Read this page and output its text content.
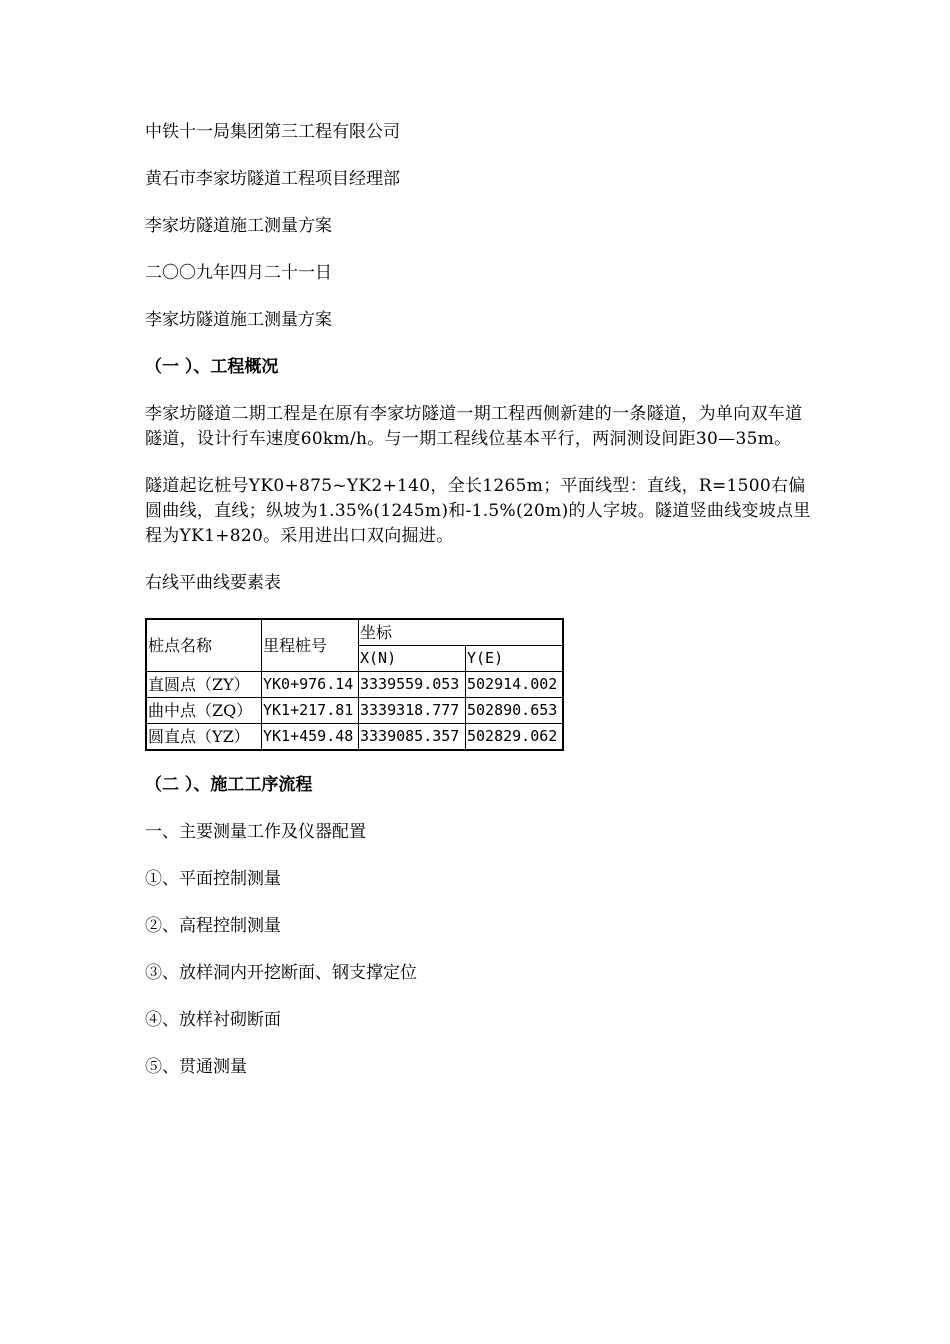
中铁十一局集团第三工程有限公司

黄石市李家坊隧道工程项目经理部

李家坊隧道施工测量方案

二〇〇九年四月二十一日

李家坊隧道施工测量方案

（一 ）、工程概况

李家坊隧道二期工程是在原有李家坊隧道一期工程西侧新建的一条隧道，为单向双车道隧道，设计行车速度60km/h。与一期工程线位基本平行，两洞测设间距30—35m。

隧道起讫桩号YK0+875~YK2+140，全长1265m；平面线型：直线，R=1500右偏圆曲线，直线；纵坡为1.35%(1245m)和-1.5%(20m)的人字坡。隧道竖曲线变坡点里程为YK1+820。采用进出口双向掘进。

右线平曲线要素表

桩点名称	里程桩号	坐标	
		X(N)	Y(E)
直圆点（ZY）	YK0+976.14	3339559.053	502914.002
曲中点（ZQ）	YK1+217.81	3339318.777	502890.653
圆直点（YZ）	YK1+459.48	3339085.357	502829.062

（二 ）、施工工序流程

一、主要测量工作及仪器配置

①、平面控制测量

②、高程控制测量

③、放样洞内开挖断面、钢支撑定位

④、放样衬砌断面

⑤、贯通测量
